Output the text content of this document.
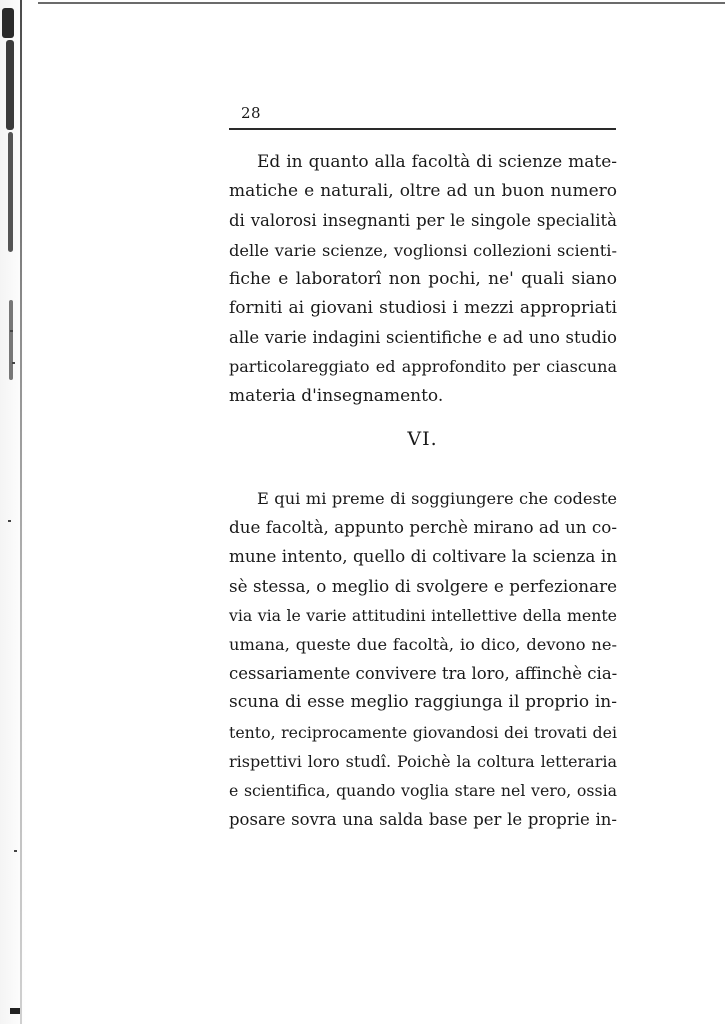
28
Ed in quanto alla facoltà di scienze mate-
matiche e naturali, oltre ad un buon numero
di valorosi insegnanti per le singole specialità
delle varie scienze, voglionsi collezioni scienti-
fiche e laboratorî non pochi, ne' quali siano
forniti ai giovani studiosi i mezzi appropriati
alle varie indagini scientifiche e ad uno studio
particolareggiato ed approfondito per ciascuna
materia d'insegnamento.
VI.
E qui mi preme di soggiungere che codeste
due facoltà, appunto perchè mirano ad un co-
mune intento, quello di coltivare la scienza in
sè stessa, o meglio di svolgere e perfezionare
via via le varie attitudini intellettive della mente
umana, queste due facoltà, io dico, devono ne-
cessariamente convivere tra loro, affinchè cia-
scuna di esse meglio raggiunga il proprio in-
tento, reciprocamente giovandosi dei trovati dei
rispettivi loro studî. Poichè la coltura letteraria
e scientifica, quando voglia stare nel vero, ossia
posare sovra una salda base per le proprie in-
